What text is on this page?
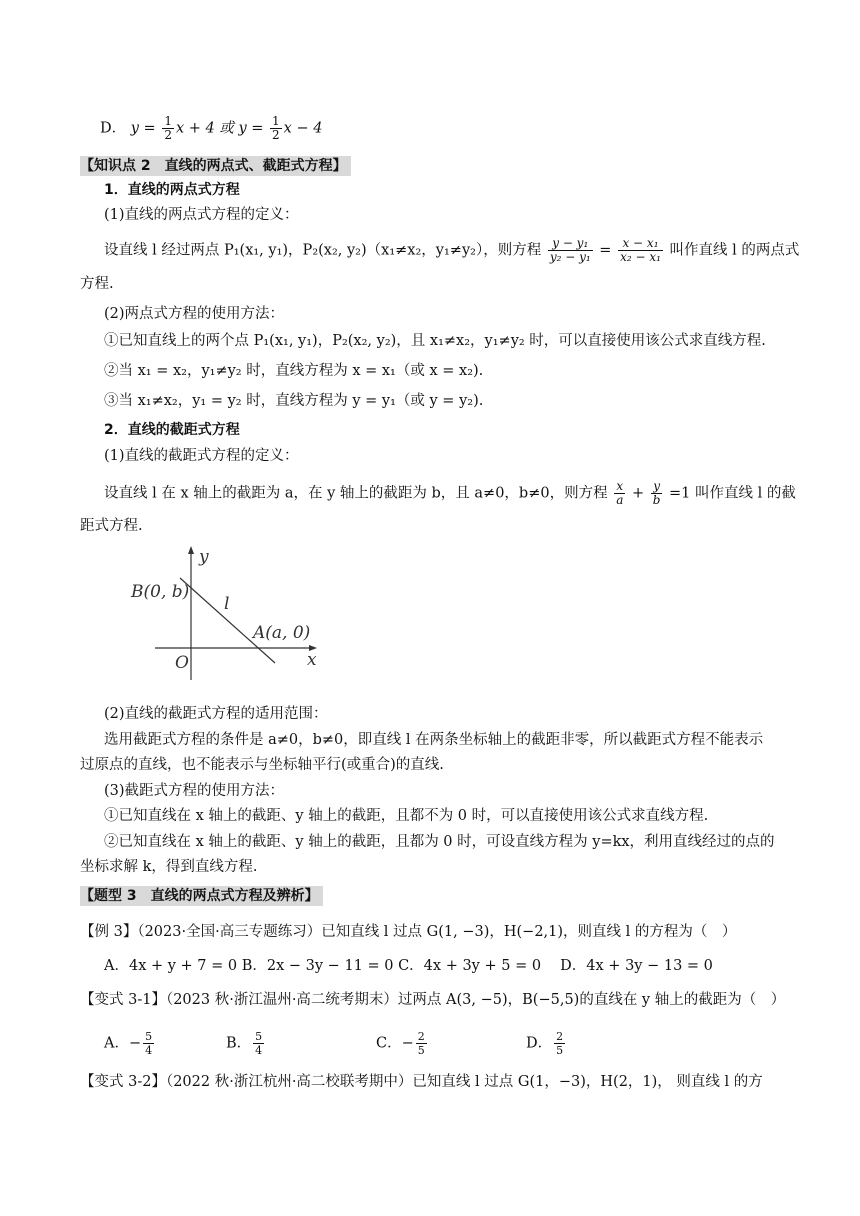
D． $y = \frac{1}{2}$ x + 4 或 $y = \frac{1}{2}$ x − 4
【知识点 2　直线的两点式、截距式方程】
1．直线的两点式方程
(1)直线的两点式方程的定义：
设直线 l 经过两点 P₁(x₁, y₁)，P₂(x₂, y₂)（x₁≠x₂，y₁≠y₂），则方程 $\frac{\text{y − y₁}}{\text{y₂ − y₁}} = \frac{\text{x − x₁}}{\text{x₂ − x₁}}$ 叫作直线 l 的两点式
方程.
(2)两点式方程的使用方法：
①已知直线上的两个点 P₁(x₁, y₁)，P₂(x₂, y₂)，且 x₁≠x₂，y₁≠y₂ 时，可以直接使用该公式求直线方程.
②当 x₁ = x₂，y₁≠y₂ 时，直线方程为 x = x₁（或 x = x₂).
③当 x₁≠x₂，y₁ = y₂ 时，直线方程为 y = y₁（或 y = y₂).
2．直线的截距式方程
(1)直线的截距式方程的定义：
设直线 l 在 x 轴上的截距为 a，在 y 轴上的截距为 b，且 a≠0，b≠0，则方程 $\frac{x}{a} + \frac{y}{b} =1$ 叫作直线 l 的截
距式方程.
y
x
O
B(0, b)
l
A(a, 0)
(2)直线的截距式方程的适用范围：
选用截距式方程的条件是 a≠0，b≠0，即直线 l 在两条坐标轴上的截距非零，所以截距式方程不能表示
过原点的直线，也不能表示与坐标轴平行(或重合)的直线.
(3)截距式方程的使用方法：
①已知直线在 x 轴上的截距、y 轴上的截距，且都不为 0 时，可以直接使用该公式求直线方程.
②已知直线在 x 轴上的截距、y 轴上的截距，且都为 0 时，可设直线方程为 y=kx，利用直线经过的点的
坐标求解 k，得到直线方程.
【题型 3　直线的两点式方程及辨析】
【例 3】（2023·全国·高三专题练习）已知直线 l 过点 G(1, −3)，H(−2,1)，则直线 l 的方程为（　）
A．4x + y + 7 = 0 B．2x − 3y − 11 = 0 C．4x + 3y + 5 = 0　 D．4x + 3y − 13 = 0
【变式 3-1】（2023 秋·浙江温州·高二统考期末）过两点 A(3, −5)，B(−5,5)的直线在 y 轴上的截距为（　）
A．− $\frac{5}{4}$	B． $\frac{5}{4}$	C．− $\frac{2}{5}$	D． $\frac{2}{5}$
【变式 3-2】（2022 秋·浙江杭州·高二校联考期中）已知直线 l 过点 G(1，−3)，H(2，1)， 则直线 l 的方
